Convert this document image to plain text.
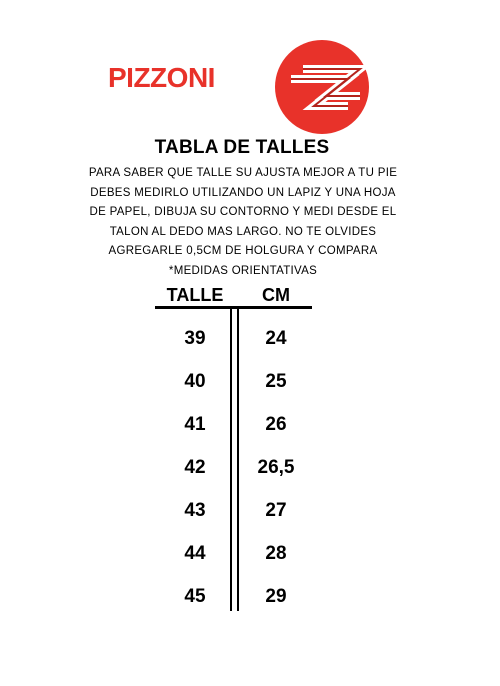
PIZZONI
TABLA DE TALLES
PARA SABER QUE TALLE SU AJUSTA MEJOR A TU PIE
DEBES MEDIRLO UTILIZANDO UN LAPIZ Y UNA HOJA
DE PAPEL, DIBUJA SU CONTORNO Y MEDI DESDE EL
TALON AL DEDO MAS LARGO. NO TE OLVIDES
AGREGARLE 0,5CM DE HOLGURA Y COMPARA
*MEDIDAS ORIENTATIVAS
TALLE	CM
39	24
40	25
41	26
42	26,5
43	27
44	28
45	29
